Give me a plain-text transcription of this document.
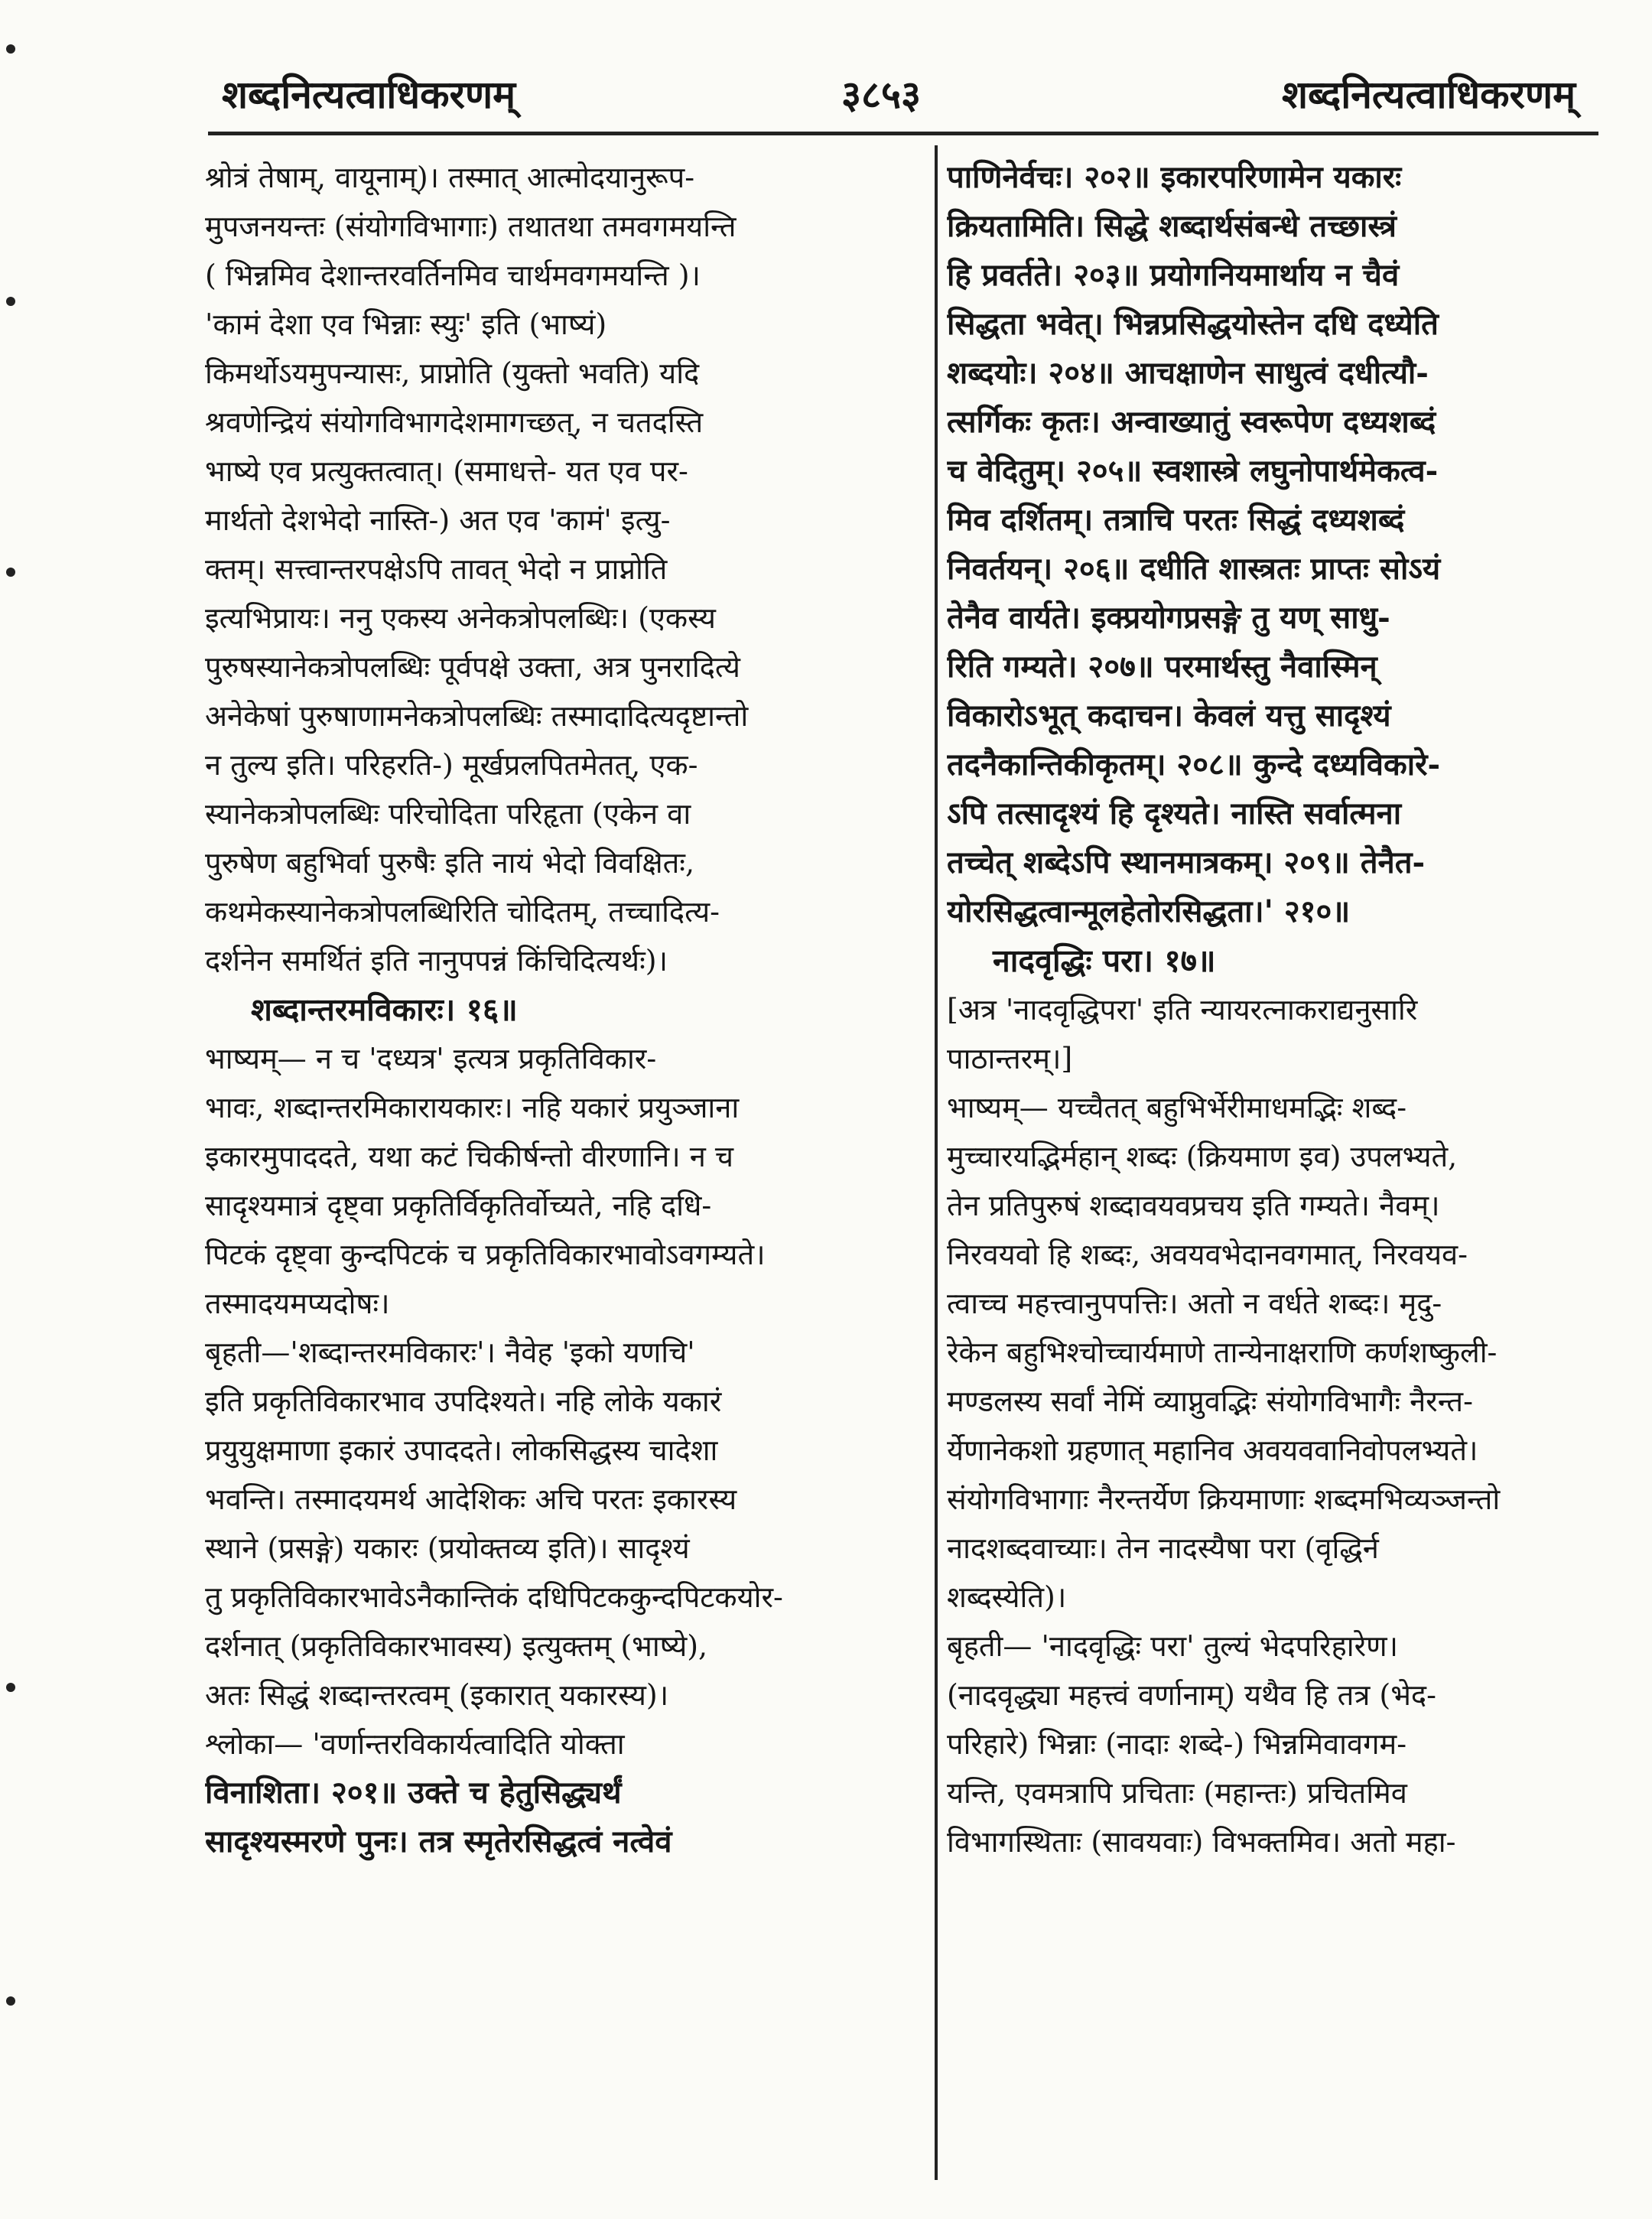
शब्दनित्यत्वाधिकरणम्	३८५३	शब्दनित्यत्वाधिकरणम्
श्रोत्रं तेषाम्, वायूनाम्)। तस्मात् आत्मोदयानुरूप-
मुपजनयन्तः (संयोगविभागाः) तथातथा तमवगमयन्ति
( भिन्नमिव देशान्तरवर्तिनमिव चार्थमवगमयन्ति )।
'कामं देशा एव भिन्नाः स्युः' इति (भाष्यं)
किमर्थोऽयमुपन्यासः, प्राप्नोति (युक्तो भवति) यदि
श्रवणेन्द्रियं संयोगविभागदेशमागच्छत्, न चतदस्ति
भाष्ये एव प्रत्युक्तत्वात्। (समाधत्ते- यत एव पर-
मार्थतो देशभेदो नास्ति-) अत एव 'कामं' इत्यु-
क्तम्। सत्त्वान्तरपक्षेऽपि तावत् भेदो न प्राप्नोति
इत्यभिप्रायः। ननु एकस्य अनेकत्रोपलब्धिः। (एकस्य
पुरुषस्यानेकत्रोपलब्धिः पूर्वपक्षे उक्ता, अत्र पुनरादित्ये
अनेकेषां पुरुषाणामनेकत्रोपलब्धिः तस्मादादित्यदृष्टान्तो
न तुल्य इति। परिहरति-) मूर्खप्रलपितमेतत्, एक-
स्यानेकत्रोपलब्धिः परिचोदिता परिहृता (एकेन वा
पुरुषेण बहुभिर्वा पुरुषैः इति नायं भेदो विवक्षितः,
कथमेकस्यानेकत्रोपलब्धिरिति चोदितम्, तच्चादित्य-
दर्शनेन समर्थितं इति नानुपपन्नं किंचिदित्यर्थः)।
शब्दान्तरमविकारः। १६॥
भाष्यम्— न च 'दध्यत्र' इत्यत्र प्रकृतिविकार-
भावः, शब्दान्तरमिकारायकारः। नहि यकारं प्रयुञ्जाना
इकारमुपाददते, यथा कटं चिकीर्षन्तो वीरणानि। न च
सादृश्यमात्रं दृष्ट्वा प्रकृतिर्विकृतिर्वोच्यते, नहि दधि-
पिटकं दृष्ट्वा कुन्दपिटकं च प्रकृतिविकारभावोऽवगम्यते।
तस्मादयमप्यदोषः।
बृहती—'शब्दान्तरमविकारः'। नैवेह 'इको यणचि'
इति प्रकृतिविकारभाव उपदिश्यते। नहि लोके यकारं
प्रयुयुक्षमाणा इकारं उपाददते। लोकसिद्धस्य चादेशा
भवन्ति। तस्मादयमर्थ आदेशिकः अचि परतः इकारस्य
स्थाने (प्रसङ्गे) यकारः (प्रयोक्तव्य इति)। सादृश्यं
तु प्रकृतिविकारभावेऽनैकान्तिकं दधिपिटककुन्दपिटकयोर-
दर्शनात् (प्रकृतिविकारभावस्य) इत्युक्तम् (भाष्ये),
अतः सिद्धं शब्दान्तरत्वम् (इकारात् यकारस्य)।
श्लोका— 'वर्णान्तरविकार्यत्वादिति योक्ता
विनाशिता। २०१॥ उक्ते च हेतुसिद्ध्यर्थं
सादृश्यस्मरणे पुनः। तत्र स्मृतेरसिद्धत्वं नत्वेवं
पाणिनेर्वचः। २०२॥ इकारपरिणामेन यकारः
क्रियतामिति। सिद्धे शब्दार्थसंबन्धे तच्छास्त्रं
हि प्रवर्तते। २०३॥ प्रयोगनियमार्थाय न चैवं
सिद्धता भवेत्। भिन्नप्रसिद्धयोस्तेन दधि दध्येति
शब्दयोः। २०४॥ आचक्षाणेन साधुत्वं दधीत्यौ-
त्सर्गिकः कृतः। अन्वाख्यातुं स्वरूपेण दध्यशब्दं
च वेदितुम्। २०५॥ स्वशास्त्रे लघुनोपार्थमेकत्व-
मिव दर्शितम्। तत्राचि परतः सिद्धं दध्यशब्दं
निवर्तयन्। २०६॥ दधीति शास्त्रतः प्राप्तः सोऽयं
तेनैव वार्यते। इक्प्रयोगप्रसङ्गे तु यण् साधु-
रिति गम्यते। २०७॥ परमार्थस्तु नैवास्मिन्
विकारोऽभूत् कदाचन। केवलं यत्तु सादृश्यं
तदनैकान्तिकीकृतम्। २०८॥ कुन्दे दध्यविकारे-
ऽपि तत्सादृश्यं हि दृश्यते। नास्ति सर्वात्मना
तच्चेत् शब्देऽपि स्थानमात्रकम्। २०९॥ तेनैत-
योरसिद्धत्वान्मूलहेतोरसिद्धता।' २१०॥
नादवृद्धिः परा। १७॥
[अत्र 'नादवृद्धिपरा' इति न्यायरत्नाकराद्यनुसारि
पाठान्तरम्।]
भाष्यम्— यच्चैतत् बहुभिर्भेरीमाधमद्भिः शब्द-
मुच्चारयद्भिर्महान् शब्दः (क्रियमाण इव) उपलभ्यते,
तेन प्रतिपुरुषं शब्दावयवप्रचय इति गम्यते। नैवम्।
निरवयवो हि शब्दः, अवयवभेदानवगमात्, निरवयव-
त्वाच्च महत्त्वानुपपत्तिः। अतो न वर्धते शब्दः। मृदु-
रेकेन बहुभिश्चोच्चार्यमाणे तान्येनाक्षराणि कर्णशष्कुली-
मण्डलस्य सर्वां नेमिं व्याप्नुवद्भिः संयोगविभागैः नैरन्त-
र्येणानेकशो ग्रहणात् महानिव अवयववानिवोपलभ्यते।
संयोगविभागाः नैरन्तर्येण क्रियमाणाः शब्दमभिव्यञ्जन्तो
नादशब्दवाच्याः। तेन नादस्यैषा परा (वृद्धिर्न
शब्दस्येति)।
बृहती— 'नादवृद्धिः परा' तुल्यं भेदपरिहारेण।
(नादवृद्ध्या महत्त्वं वर्णानाम्) यथैव हि तत्र (भेद-
परिहारे) भिन्नाः (नादाः शब्दे-) भिन्नमिवावगम-
यन्ति, एवमत्रापि प्रचिताः (महान्तः) प्रचितमिव
विभागस्थिताः (सावयवाः) विभक्तमिव। अतो महा-
